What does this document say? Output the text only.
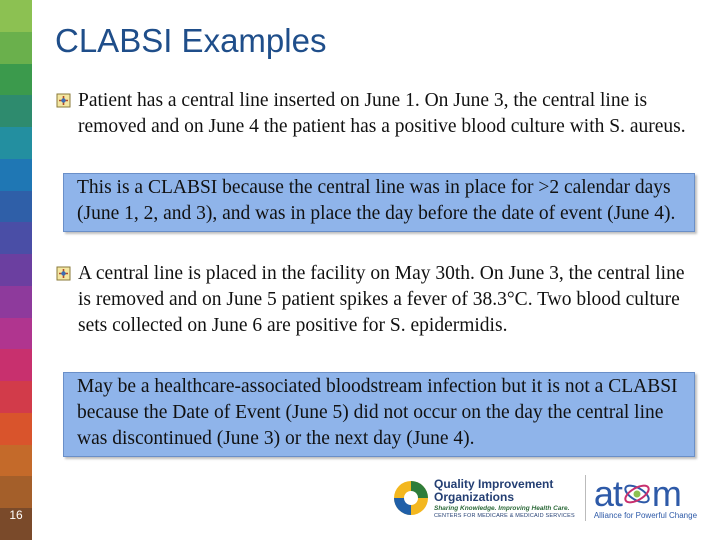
16
CLABSI Examples
Patient has a central line inserted on June 1. On June 3, the central line is removed and on June 4 the patient has a positive blood culture with S. aureus.
This is a CLABSI because the central line was in place for >2 calendar days (June 1, 2, and 3), and was in place the day before the date of event (June 4).
A central line is placed in the facility on May 30th. On June 3, the central line is removed and on June 5 patient spikes a fever of 38.3°C. Two blood culture sets collected on June 6 are positive for S. epidermidis.
May be a healthcare-associated bloodstream infection but it is not a CLABSI because the Date of Event (June 5) did not occur on the day the central line was discontinued (June 3) or the next day (June 4).
Quality Improvement
Organizations
Sharing Knowledge. Improving Health Care.
CENTERS FOR MEDICARE & MEDICAID SERVICES
at m
Alliance for Powerful Change
